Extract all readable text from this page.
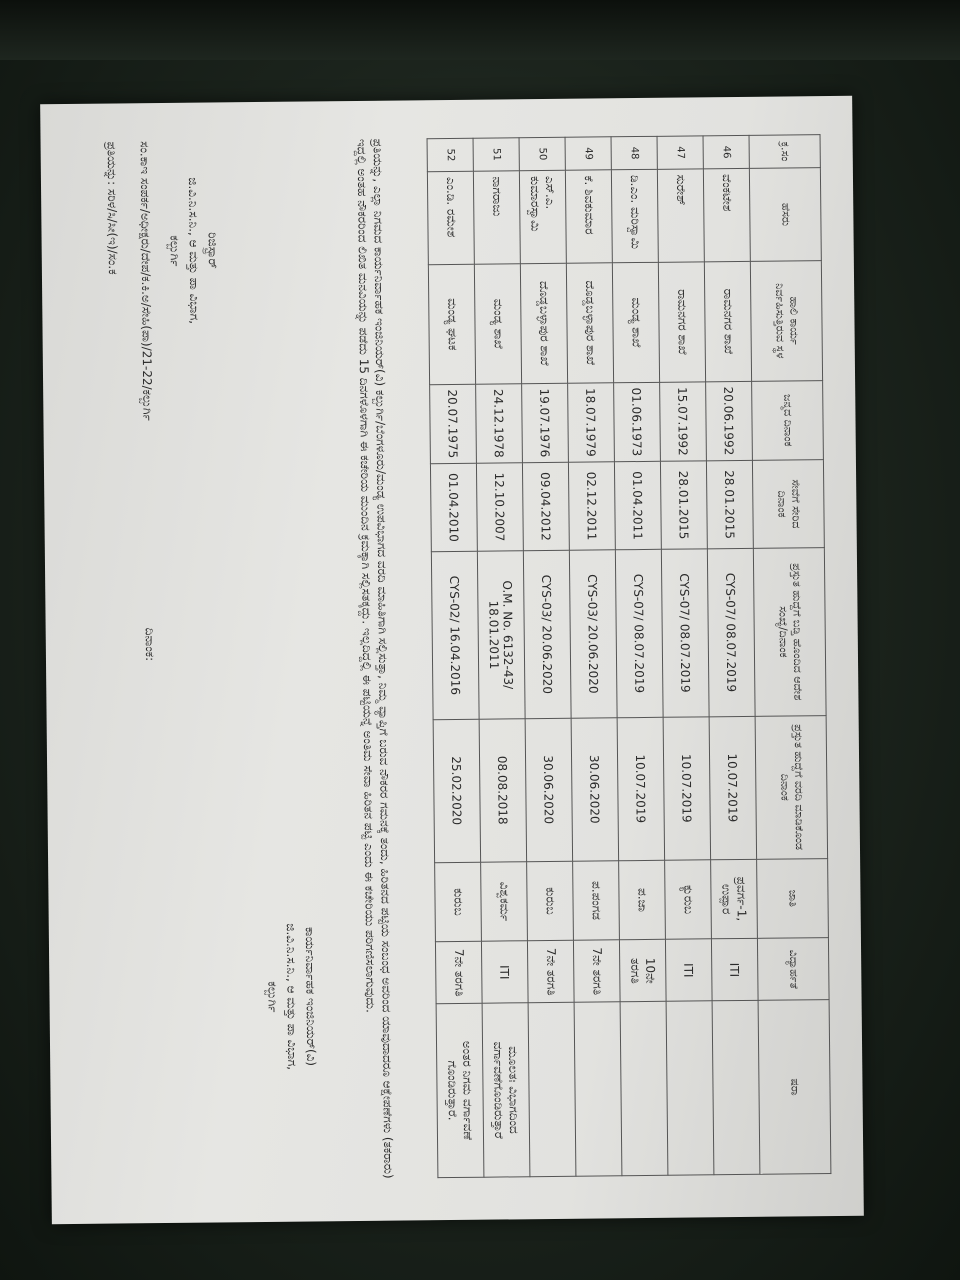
ಕ್ರ.ಸಂ	ಹೆಸರು	ಹಾಲಿ ಕಾರ್ಯ ನಿರ್ವಹಿಸುತ್ತಿರುವ ಸ್ಥಳ	ಜನ್ಮದ ದಿನಾಂಕ	ಸೇವೆಗೆ ಸೇರಿದ ದಿನಾಂಕ	ಪ್ರಸ್ತುತ ಹುದ್ದೆಗೆ ಬಡ್ತಿ ಹೊಂದಿದ ಆದೇಶ ಸಂಖ್ಯೆ/ದಿನಾಂಕ	ಪ್ರಸ್ತುತ ಹುದ್ದೆಗೆ ವರದಿ ಮಾಡಿಕೊಂಡ ದಿನಾಂಕ	ಜಾತಿ	ವಿದ್ಯಾರ್ಹತೆ	ಷರಾ
46	ವೆಂಕಟೇಶ	ರಾಮನಗರ ಶಾಖೆ	20.06.1992	28.01.2015	CYS-07/ 08.07.2019	10.07.2019	ಪ್ರವರ್ಗ-1, ಉಪ್ಪಾರ	ITI	
47	ಸುರೇಶ್	ರಾಮನಗರ ಶಾಖೆ	15.07.1992	28.01.2015	CYS-07/ 08.07.2019	10.07.2019	ಕ್ಯುರುಬ	ITI	
48	ಡಿ.ಎಂ. ಮರಿಸ್ವಾಮಿ	ಮಂಡ್ಯ ಶಾಖೆ	01.06.1973	01.04.2011	CYS-07/ 08.07.2019	10.07.2019	ಪ.ಜಾ	10ನೇ ತರಗತಿ	
49	ಕೆ. ಶಿವಕುಮಾರ	ದೊಡ್ಡಬಳ್ಳಾಪುರ ಶಾಖೆ	18.07.1979	02.12.2011	CYS-03/ 20.06.2020	30.06.2020	ಪ.ಪಂಗಡ	7ನೇ ತರಗತಿ	
50	ಎಸ್.ಎ. ಕುಮಾರಸ್ವಾಮಿ	ದೊಡ್ಡಬಳ್ಳಾಪುರ ಶಾಖೆ	19.07.1976	09.04.2012	CYS-03/ 20.06.2020	30.06.2020	ಕುರುಬ	7ನೇ ತರಗತಿ	
51	ನಾಗರಾಜು	ಮಂಡ್ಯ ಶಾಖೆ	24.12.1978	12.10.2007	O.M. No. 6132-43/ 18.01.2011	08.08.2018	ವಿಶ್ವಕರ್ಮ	ITI	ಮೂಲತಃ ವಿಭಾಗದಿಂದ ವರ್ಗಾವಣೆಗೊಂಡಿರುತ್ತಾರೆ
52	ಎಂ.ಡಿ. ರಮೇಶ	ಮಂಡ್ಯ ಘಟಕ	20.07.1975	01.04.2010	CYS-02/ 16.04.2016	25.02.2020	ಕುರುಬ	7ನೇ ತರಗತಿ	ಅಂತರ ನಿಗಮ ವರ್ಗಾವಣೆ ಗೊಂಡಿರುತ್ತಾರೆ.

ಪ್ರತಿಯನ್ನು, ಎಲ್ಲಾ ನಿಗಮದ ಕಾರ್ಯನಿರ್ವಾಹಕ ಇಂಜಿನಿಯರ್(ವಿ) ಕಲ್ಬುರ್ಗಿ/ಬೆಂಗಳೂರು/ಮಂಡ್ಯ ಉಪವಿಭಾಗದ ವರದಿ ಮಾಹಿತಿಗಾಗಿ ಸಲ್ಲಿಸುತ್ತಾ, ನಿಮ್ಮ ವ್ಯಾಪ್ತಿಗೆ ಬರುವ ನೌಕರರ ಗಮನಕ್ಕೆ ತಂದು, ಹಿರಿತನದ ಪಟ್ಟಿಯ ಸಂಬಂಧ ಅವರಿಂದ ಯಾವುದಾದರೂ ಆಕ್ಷೇಪಣೆಗಳು (ತಕರಾರು) ಇದ್ದಲ್ಲಿ ಅಂತಹ ನೌಕರರಿಂದ ಲಿಖಿತ ಮನವಿಯನ್ನು ಪಡೆದು 15 ದಿನಗಳೊಳಗಾಗಿ ಈ ಕಚೇರಿಯ ಮುಂದಿನ ಕ್ರಮಕ್ಕಾಗಿ ಸಲ್ಲಿಸತಕ್ಕದ್ದು. ಇಲ್ಲದಿದ್ದಲ್ಲಿ ಈ ಪಟ್ಟಿಯನ್ನೆ ಅಂತಿಮ ಸೇವಾ ಹಿರಿತನ ಪಟ್ಟಿ ಎಂದು ಈ ಕಚೇರಿಯು ಪರಿಗಣಿಸಲಾಗುವುದು.

ಕಾರ್ಯನಿರ್ವಾಹಕ ಇಂಜಿನಿಯರ್(ವಿ)
ಜಿ.ವಿ.ನಿ.ಸ.ನಿ., ಆ ಮತ್ತು ಪಾ ವಿಭಾಗ,
ಕಲ್ಬುರ್ಗಿ
ರಿಜಿಸ್ಟ್ರಾರ್
ಜಿ.ವಿ.ನಿ.ಸ.ನಿ., ಆ ಮತ್ತು ಪಾ ವಿಭಾಗ,
ಕಲ್ಬುರ್ಗಿ
ಸಂ.ಕಾಇ ಸಂಪರ್ಕ/ಅಧೀಕ್ಷರು/ದೇಪ/ಕ.ಕಿ.ಅ/ಸೇಹಿ(ಪಾ)/21-22/ಕಲ್ಬುರ್ಗಿ
ದಿನಾಂಕ:
ಪ್ರತಿಯನ್ನು: ಸರಿಳ/ಸಿ/ಸೀ(ಇ)/ಸಂ.ಕ
